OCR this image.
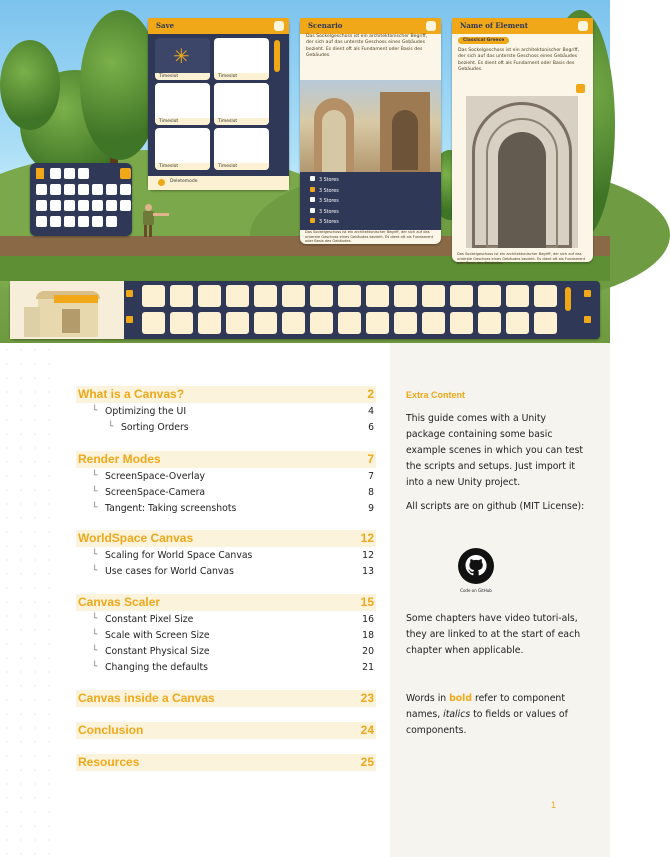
Save
✳
Timeslot	Timeslot
Timeslot	Timeslot
Timeslot	Timeslot
Deletemode
Scenario
Das Sockelgeschoss ist ein architektonischer Begriff, der sich auf das unterste Geschoss eines Gebäudes bezieht. Es dient oft als Fundament oder Basis des Gebäudes.
3 Stores
3 Stores
3 Stores
3 Stores
3 Stores
Das Sockelgeschoss ist ein architektonischer Begriff, der sich auf das unterste Geschoss eines Gebäudes bezieht. Es dient oft als Fundament oder Basis des Gebäudes.
Name of Element
Classical Greece
Das Sockelgeschoss ist ein architektonischer Begriff, der sich auf das unterste Geschoss eines Gebäudes bezieht. Es dient oft als Fundament oder Basis des Gebäudes.
Das Sockelgeschoss ist ein architektonischer Begriff, der sich auf das unterste Geschoss eines Gebäudes bezieht. Es dient oft als Fundament oder Basis des Gebäudes.
What is a Canvas?	2
└ Optimizing the UI	4
└ Sorting Orders	6
Render Modes	7
└ ScreenSpace-Overlay	7
└ ScreenSpace-Camera	8
└ Tangent: Taking screenshots	9
WorldSpace Canvas	12
└ Scaling for World Space Canvas	12
└ Use cases for World Canvas	13
Canvas Scaler	15
└ Constant Pixel Size	16
└ Scale with Screen Size	18
└ Constant Physical Size	20
└ Changing the defaults	21
Canvas inside a Canvas	23
Conclusion	24
Resources	25
Extra Content
This guide comes with a Unity package containing some basic example scenes in which you can test the scripts and setups. Just import it into a new Unity project.
All scripts are on github (MIT License):
Code on GitHub
Some chapters have video tutori-als, they are linked to at the start of each chapter when applicable.
Words in bold refer to component names, italics to fields or values of components.
1
